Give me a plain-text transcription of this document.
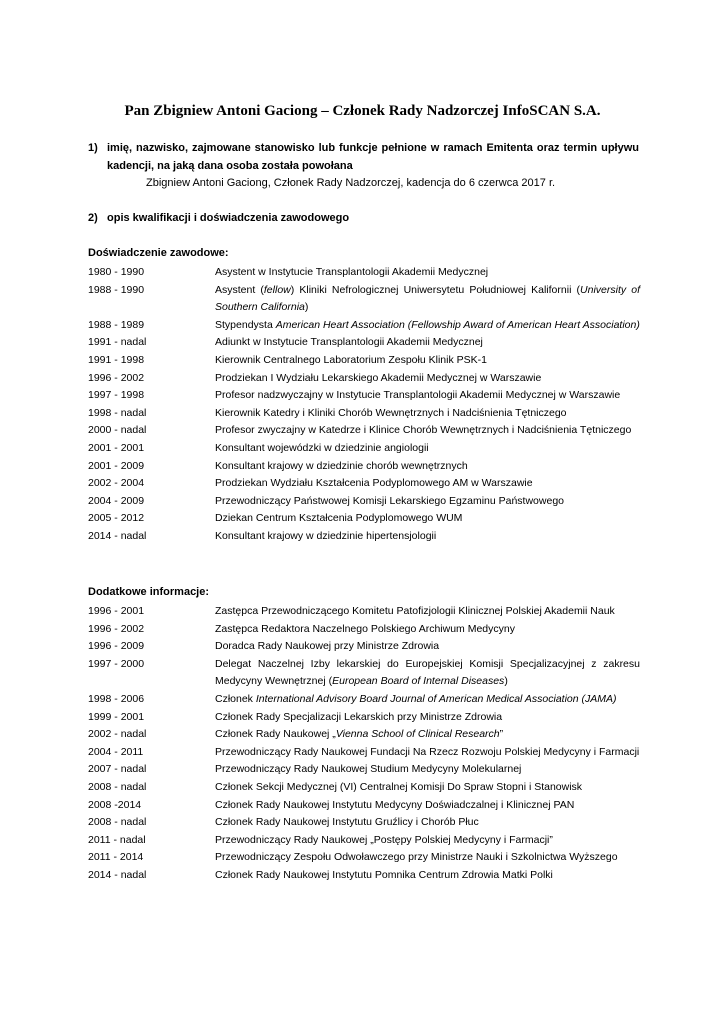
Pan Zbigniew Antoni Gaciong – Członek Rady Nadzorczej InfoSCAN S.A.
1) imię, nazwisko, zajmowane stanowisko lub funkcje pełnione w ramach Emitenta oraz termin upływu kadencji, na jaką dana osoba została powołana
Zbigniew Antoni Gaciong, Członek Rady Nadzorczej, kadencja do 6 czerwca 2017 r.
2) opis kwalifikacji i doświadczenia zawodowego
Doświadczenie zawodowe:
1980 - 1990	Asystent w Instytucie Transplantologii Akademii Medycznej
1988 - 1990	Asystent (fellow) Kliniki Nefrologicznej Uniwersytetu Południowej Kalifornii (University of Southern California)
1988 - 1989	Stypendysta American Heart Association (Fellowship Award of American Heart Association)
1991 - nadal	Adiunkt w Instytucie Transplantologii Akademii Medycznej
1991 - 1998	Kierownik Centralnego Laboratorium Zespołu Klinik PSK-1
1996 - 2002	Prodziekan I Wydziału Lekarskiego Akademii Medycznej w Warszawie
1997 - 1998	Profesor nadzwyczajny w Instytucie Transplantologii Akademii Medycznej w Warszawie
1998 - nadal	Kierownik Katedry i Kliniki Chorób Wewnętrznych i Nadciśnienia Tętniczego
2000 - nadal	Profesor zwyczajny w Katedrze i Klinice Chorób Wewnętrznych i Nadciśnienia Tętniczego
2001 - 2001	Konsultant wojewódzki w dziedzinie angiologii
2001 - 2009	Konsultant krajowy w dziedzinie chorób wewnętrznych
2002 - 2004	Prodziekan Wydziału Kształcenia Podyplomowego AM w Warszawie
2004 - 2009	Przewodniczący Państwowej Komisji Lekarskiego Egzaminu Państwowego
2005 - 2012	Dziekan Centrum Kształcenia Podyplomowego WUM
2014 - nadal	Konsultant krajowy w dziedzinie hipertensjologii
Dodatkowe informacje:
1996 - 2001	Zastępca Przewodniczącego Komitetu Patofizjologii Klinicznej Polskiej Akademii Nauk
1996 - 2002	Zastępca Redaktora Naczelnego Polskiego Archiwum Medycyny
1996 - 2009	Doradca Rady Naukowej przy Ministrze Zdrowia
1997 - 2000	Delegat Naczelnej Izby lekarskiej do Europejskiej Komisji Specjalizacyjnej z zakresu Medycyny Wewnętrznej (European Board of Internal Diseases)
1998 - 2006	Członek International Advisory Board Journal of American Medical Association (JAMA)
1999 - 2001	Członek Rady Specjalizacji Lekarskich przy Ministrze Zdrowia
2002 - nadal	Członek Rady Naukowej „Vienna School of Clinical Research”
2004 - 2011	Przewodniczący Rady Naukowej Fundacji Na Rzecz Rozwoju Polskiej Medycyny i Farmacji
2007 - nadal	Przewodniczący Rady Naukowej Studium Medycyny Molekularnej
2008 - nadal	Członek Sekcji Medycznej (VI) Centralnej Komisji Do Spraw Stopni i Stanowisk
2008 -2014	Członek Rady Naukowej Instytutu Medycyny Doświadczalnej i Klinicznej PAN
2008 - nadal	Członek Rady Naukowej Instytutu Gruźlicy i Chorób Płuc
2011 - nadal	Przewodniczący Rady Naukowej „Postępy Polskiej Medycyny i Farmacji”
2011 - 2014	Przewodniczący Zespołu Odwoławczego przy Ministrze Nauki i Szkolnictwa Wyższego
2014 - nadal	Członek Rady Naukowej Instytutu Pomnika Centrum Zdrowia Matki Polki
